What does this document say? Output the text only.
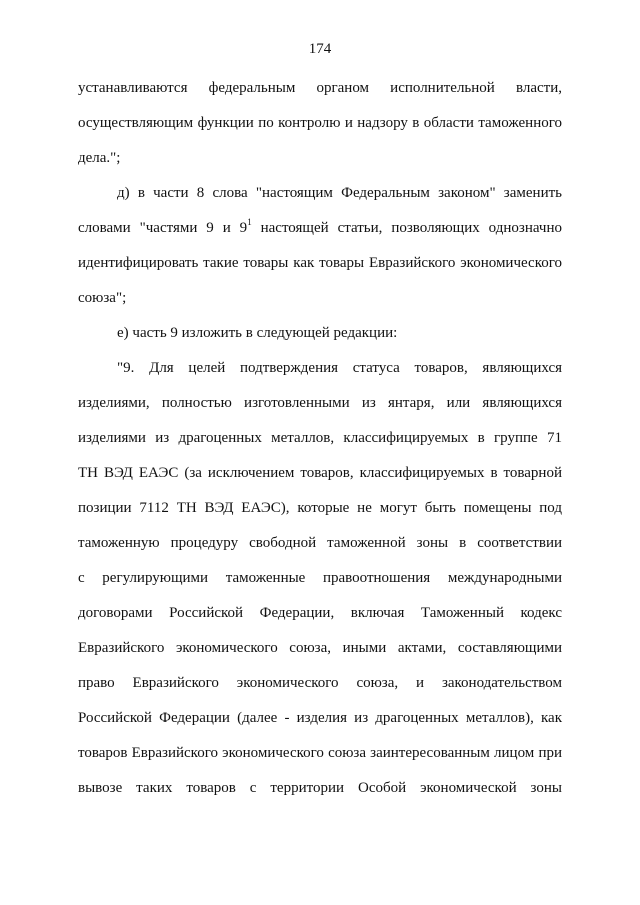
174
устанавливаются федеральным органом исполнительной власти,
осуществляющим функции по контролю и надзору в области таможенного
дела.";
д) в части 8 слова "настоящим Федеральным законом" заменить
словами "частями 9 и $9^1$ настоящей статьи, позволяющих однозначно
идентифицировать такие товары как товары Евразийского экономического
союза";
е) часть 9 изложить в следующей редакции:
"9. Для целей подтверждения статуса товаров, являющихся
изделиями, полностью изготовленными из янтаря, или являющихся
изделиями из драгоценных металлов, классифицируемых в группе 71
ТН ВЭД ЕАЭС (за исключением товаров, классифицируемых в товарной
позиции 7112 ТН ВЭД ЕАЭС), которые не могут быть помещены под
таможенную процедуру свободной таможенной зоны в соответствии
с регулирующими таможенные правоотношения международными
договорами Российской Федерации, включая Таможенный кодекс
Евразийского экономического союза, иными актами, составляющими
право Евразийского экономического союза, и законодательством
Российской Федерации (далее - изделия из драгоценных металлов), как
товаров Евразийского экономического союза заинтересованным лицом при
вывозе таких товаров с территории Особой экономической зоны
